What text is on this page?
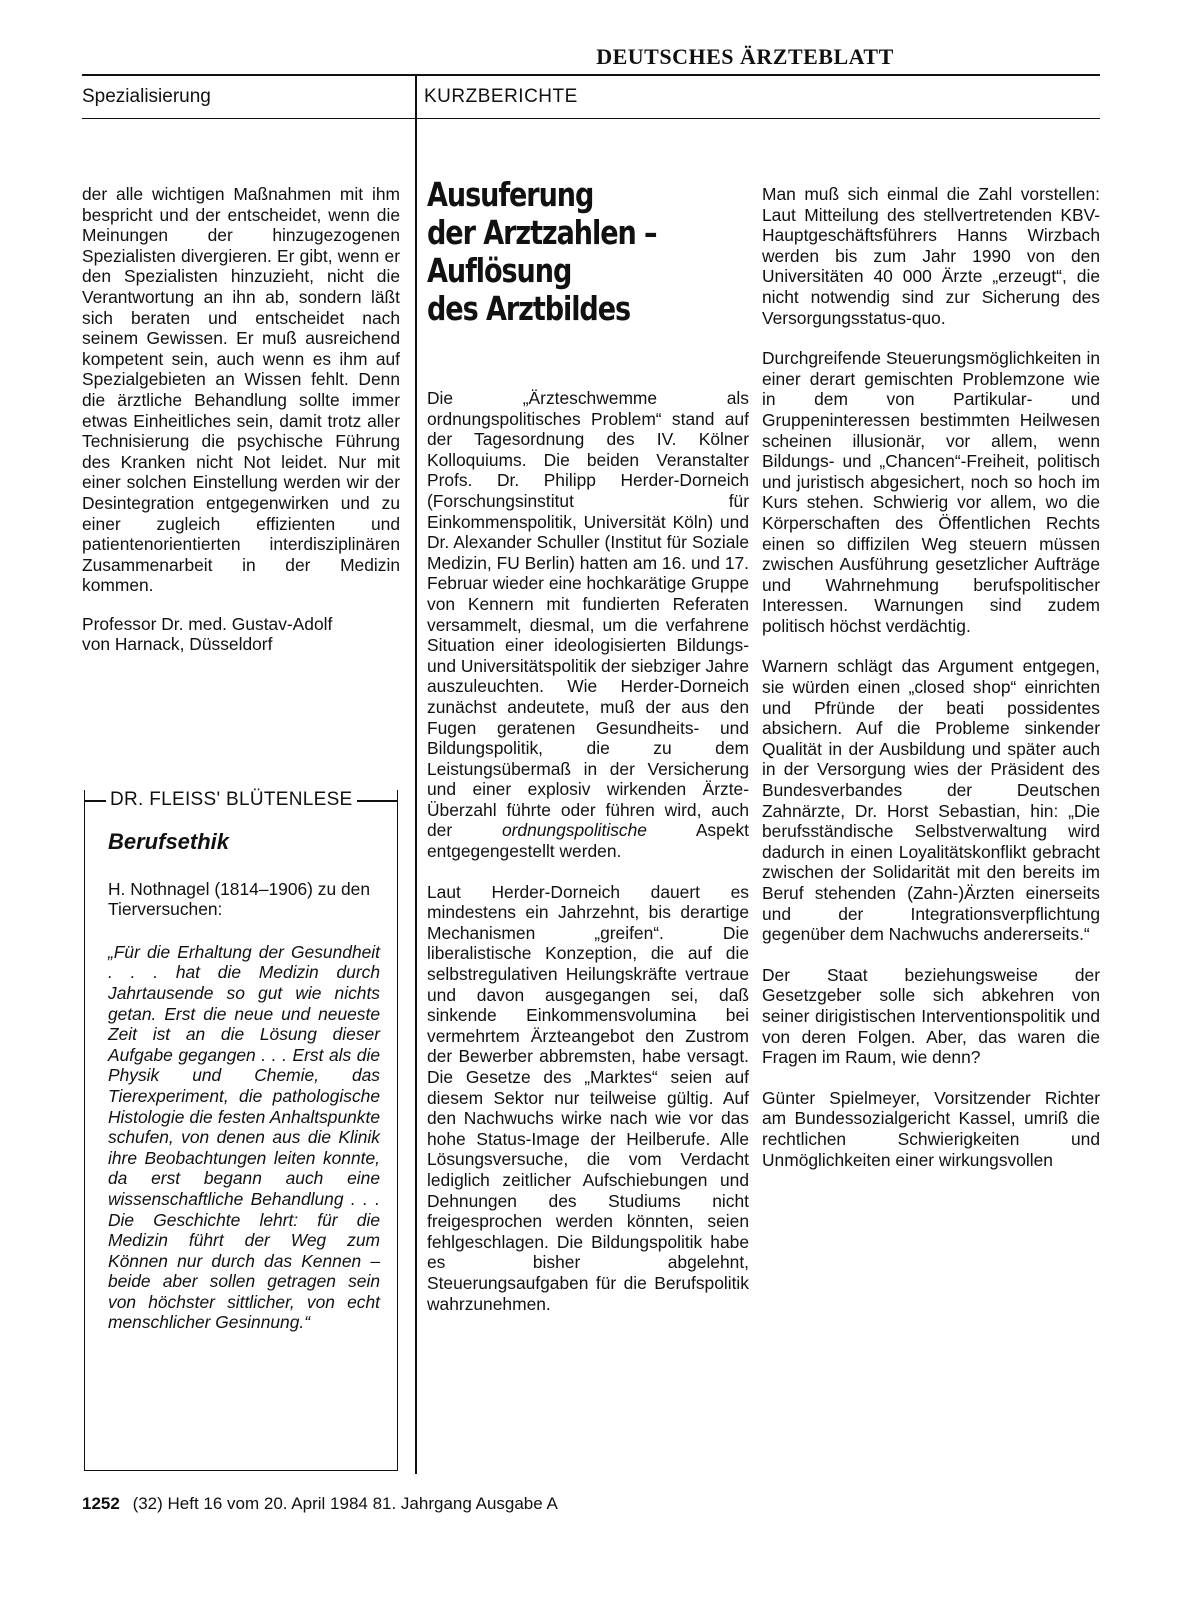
DEUTSCHES ÄRZTEBLATT
Spezialisierung	KURZBERICHTE

der alle wichtigen Maßnahmen mit ihm bespricht und der entscheidet, wenn die Meinungen der hinzugezogenen Spezialisten divergieren. Er gibt, wenn er den Spezialisten hinzuzieht, nicht die Verantwortung an ihn ab, sondern läßt sich beraten und entscheidet nach seinem Gewissen. Er muß ausreichend kompetent sein, auch wenn es ihm auf Spezialgebieten an Wissen fehlt. Denn die ärztliche Behandlung sollte immer etwas Einheitliches sein, damit trotz aller Technisierung die psychische Führung des Kranken nicht Not leidet. Nur mit einer solchen Einstellung werden wir der Desintegration entgegenwirken und zu einer zugleich effizienten und patientenorientierten interdisziplinären Zusammenarbeit in der Medizin kommen.

Professor Dr. med. Gustav-Adolf
von Harnack, Düsseldorf
DR. FLEISS' BLÜTENLESE
Berufsethik
H. Nothnagel (1814–1906) zu den Tierversuchen:

„Für die Erhaltung der Gesundheit . . . hat die Medizin durch Jahrtausende so gut wie nichts getan. Erst die neue und neueste Zeit ist an die Lösung dieser Aufgabe gegangen . . . Erst als die Physik und Chemie, das Tierexperiment, die pathologische Histologie die festen Anhaltspunkte schufen, von denen aus die Klinik ihre Beobachtungen leiten konnte, da erst begann auch eine wissenschaftliche Behandlung . . . Die Geschichte lehrt: für die Medizin führt der Weg zum Können nur durch das Kennen – beide aber sollen getragen sein von höchster sittlicher, von echt menschlicher Gesinnung.“

Ausuferung
der Arztzahlen –
Auflösung
des Arztbildes

Die „Ärzteschwemme als ordnungspolitisches Problem“ stand auf der Tagesordnung des IV. Kölner Kolloquiums. Die beiden Veranstalter Profs. Dr. Philipp Herder-Dorneich (Forschungsinstitut für Einkommenspolitik, Universität Köln) und Dr. Alexander Schuller (Institut für Soziale Medizin, FU Berlin) hatten am 16. und 17. Februar wieder eine hochkarätige Gruppe von Kennern mit fundierten Referaten versammelt, diesmal, um die verfahrene Situation einer ideologisierten Bildungs- und Universitätspolitik der siebziger Jahre auszuleuchten. Wie Herder-Dorneich zunächst andeutete, muß der aus den Fugen geratenen Gesundheits- und Bildungspolitik, die zu dem Leistungsübermaß in der Versicherung und einer explosiv wirkenden Ärzte-Überzahl führte oder führen wird, auch der	ordnungspolitische	Aspekt entgegengestellt werden.

Laut Herder-Dorneich dauert es mindestens ein Jahrzehnt, bis derartige Mechanismen „greifen“. Die liberalistische Konzeption, die auf die selbstregulativen Heilungskräfte vertraue und davon ausgegangen sei, daß sinkende Einkommensvolumina bei vermehrtem Ärzteangebot den Zustrom der Bewerber abbremsten, habe versagt. Die Gesetze des „Marktes“ seien auf diesem Sektor nur teilweise gültig. Auf den Nachwuchs wirke nach wie vor das hohe Status-Image der Heilberufe. Alle Lösungsversuche, die vom Verdacht lediglich zeitlicher Aufschiebungen und Dehnungen des Studiums nicht freigesprochen werden könnten, seien fehlgeschlagen. Die Bildungspolitik habe es bisher abgelehnt, Steuerungsaufgaben für die Berufspolitik wahrzunehmen.

Man muß sich einmal die Zahl vorstellen: Laut Mitteilung des stellvertretenden KBV-Hauptgeschäftsführers Hanns Wirzbach werden bis zum Jahr 1990 von den Universitäten 40 000 Ärzte „erzeugt“, die nicht notwendig sind zur Sicherung des Versorgungsstatus-quo.

Durchgreifende Steuerungsmöglichkeiten in einer derart gemischten Problemzone wie in dem von Partikular- und Gruppeninteressen bestimmten Heilwesen scheinen illusionär, vor allem, wenn Bildungs- und „Chancen“-Freiheit, politisch und juristisch abgesichert, noch so hoch im Kurs stehen. Schwierig vor allem, wo die Körperschaften des Öffentlichen Rechts einen so diffizilen Weg steuern müssen zwischen Ausführung gesetzlicher Aufträge und Wahrnehmung berufspolitischer Interessen. Warnungen sind zudem politisch höchst verdächtig.

Warnern schlägt das Argument entgegen, sie würden einen „closed shop“ einrichten und Pfründe der beati possidentes absichern. Auf die Probleme sinkender Qualität in der Ausbildung und später auch in der Versorgung wies der Präsident des Bundesverbandes der Deutschen Zahnärzte, Dr. Horst Sebastian, hin: „Die berufsständische Selbstverwaltung wird dadurch in einen Loyalitätskonflikt gebracht zwischen der Solidarität mit den bereits im Beruf stehenden (Zahn-)Ärzten einerseits und der Integrationsverpflichtung gegenüber dem Nachwuchs andererseits.“

Der Staat beziehungsweise der Gesetzgeber solle sich abkehren von seiner dirigistischen Interventionspolitik und von deren Folgen. Aber, das waren die Fragen im Raum, wie denn?

Günter Spielmeyer, Vorsitzender Richter am Bundessozialgericht Kassel, umriß die rechtlichen Schwierigkeiten und Unmöglichkeiten einer wirkungsvollen

1252 (32) Heft 16 vom 20. April 1984 81. Jahrgang Ausgabe A
